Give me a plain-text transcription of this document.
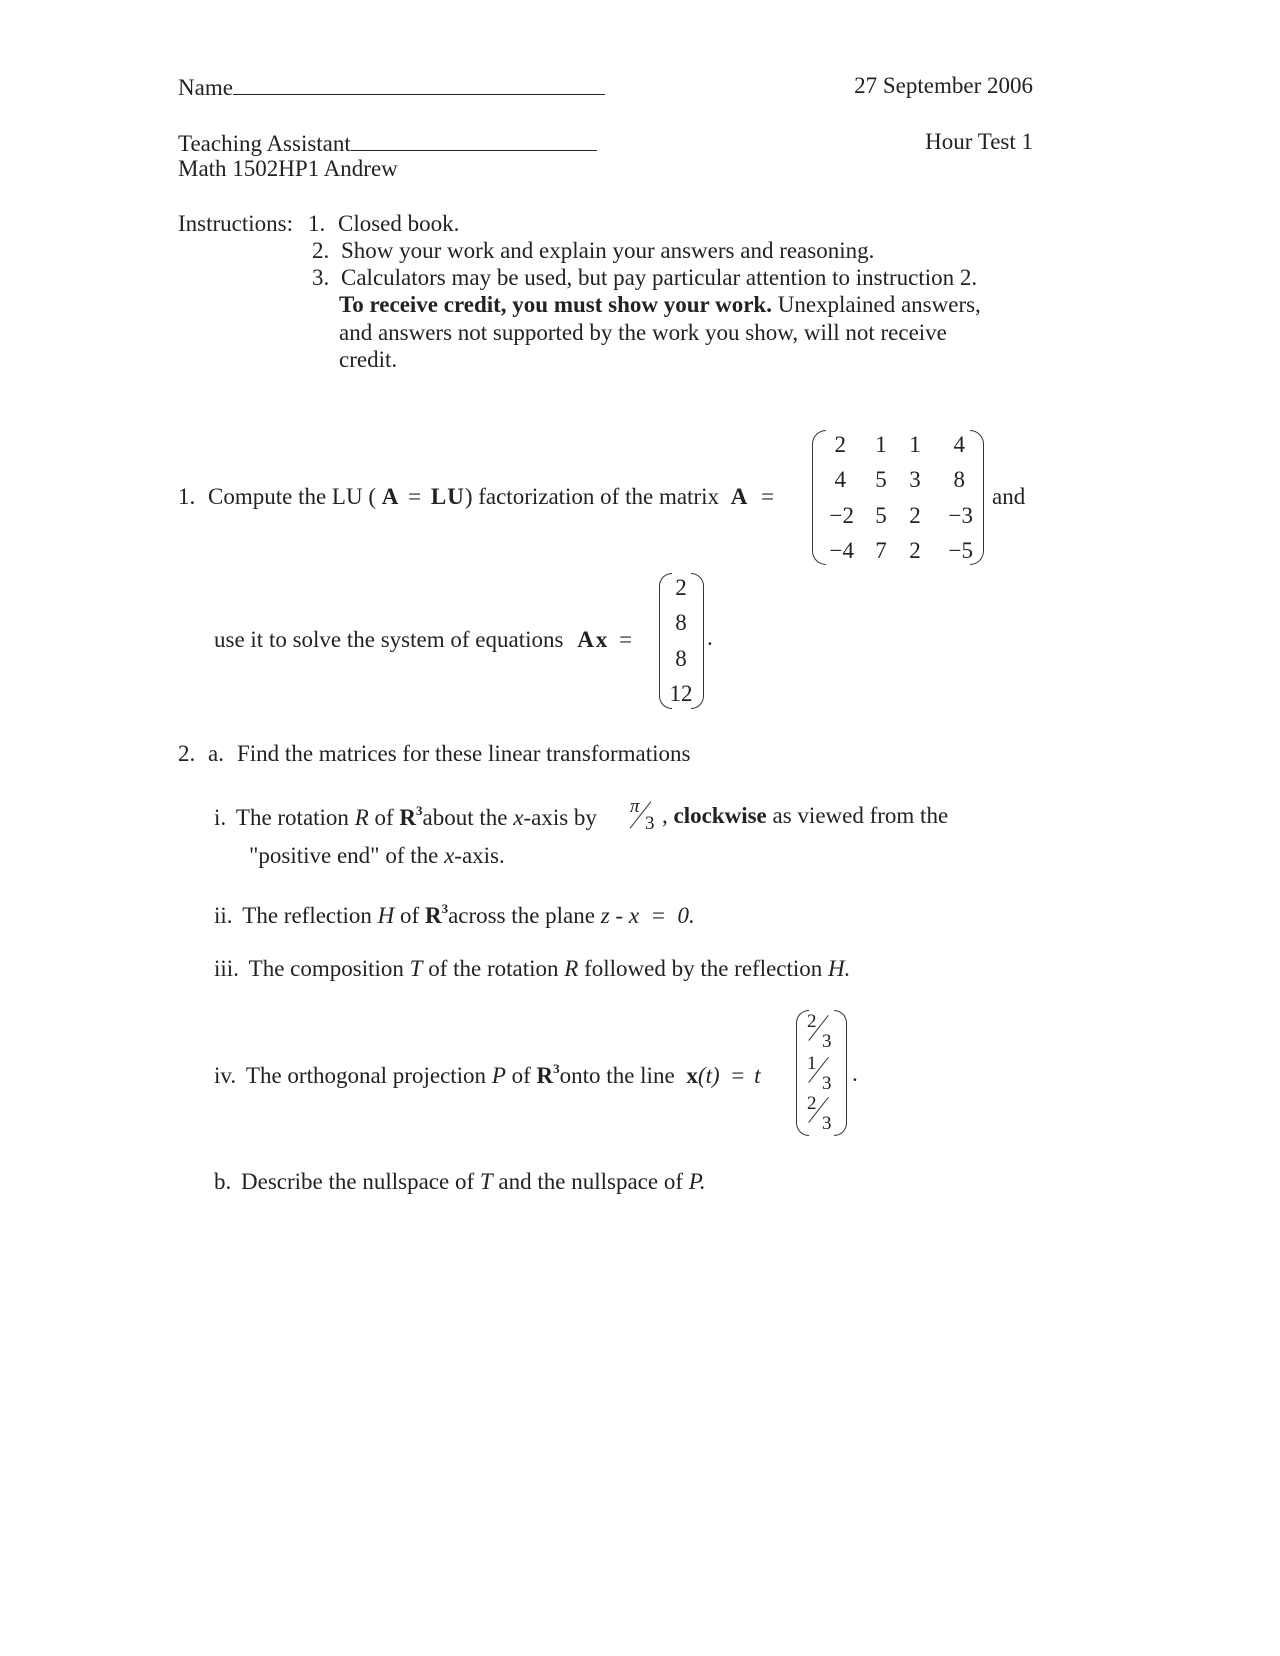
Name	27 September 2006
Teaching Assistant	Hour Test 1
Math 1502HP1 Andrew
Instructions: 1. Closed book.
2. Show your work and explain your answers and reasoning.
3. Calculators may be used, but pay particular attention to instruction 2.
To receive credit, you must show your work. Unexplained answers,
and answers not supported by the work you show, will not receive
credit.
1. Compute the LU ( A = LU) factorization of the matrix A =
2	1 1	4
4	5 3	8
−2 5 2	−3
−4 7 2	−5
and
use it to solve the system of equations Ax =
2
8
8
12
.
2. a. Find the matrices for these linear transformations
i. The rotation R of $R^3about$ the x-axis by π
3 , clockwise as viewed from the
"positive end" of the x-axis.
ii. The reflection H of $R^3across$ the plane z - x  =  0.
iii. The composition T of the rotation R followed by the reflection H.
iv. The orthogonal projection P of $R^3onto$ the line x(t) = t
2
3
1
3
2
3
.
b. Describe the nullspace of T and the nullspace of P.
